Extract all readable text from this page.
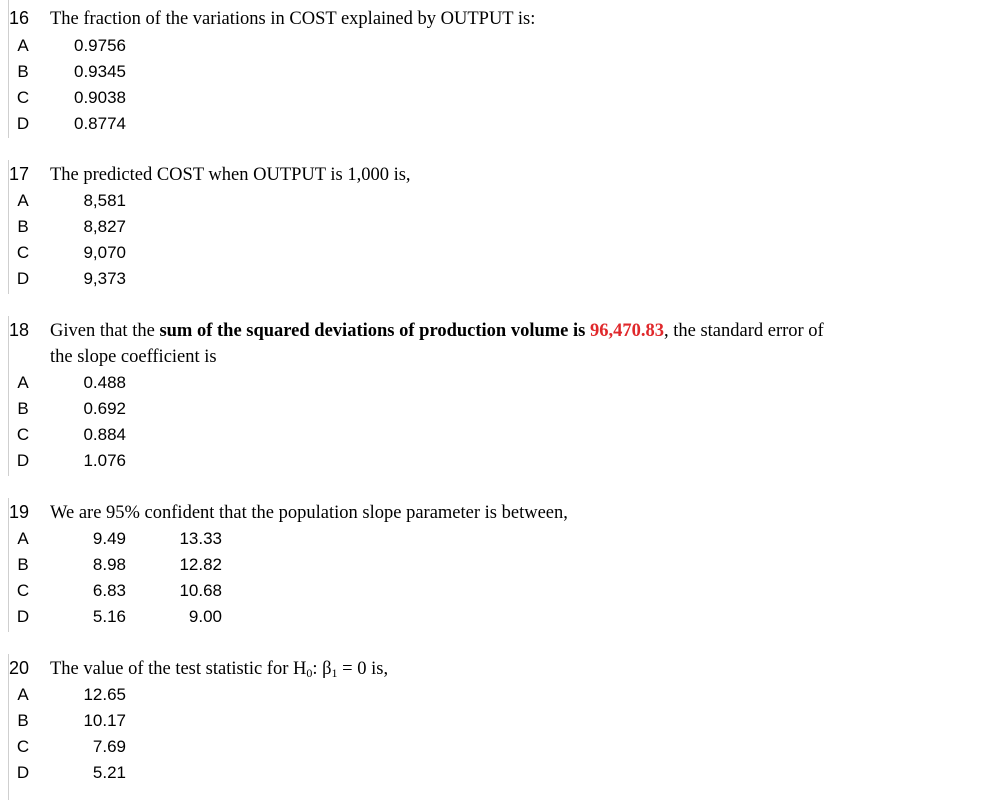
16 The fraction of the variations in COST explained by OUTPUT is:
A	0.9756
B	0.9345
C	0.9038
D	0.8774
17 The predicted COST when OUTPUT is 1,000 is,
A	8,581
B	8,827
C	9,070
D	9,373
18 Given that the sum of the squared deviations of production volume is 96,470.83, the standard error of
the slope coefficient is
A	0.488
B	0.692
C	0.884
D	1.076
19 We are 95% confident that the population slope parameter is between,
A	9.49	13.33
B	8.98	12.82
C	6.83	10.68
D	5.16	9.00
20 The value of the test statistic for $H_0$: $\beta_1 = 0$ is,
A	12.65
B	10.17
C	7.69
D	5.21
